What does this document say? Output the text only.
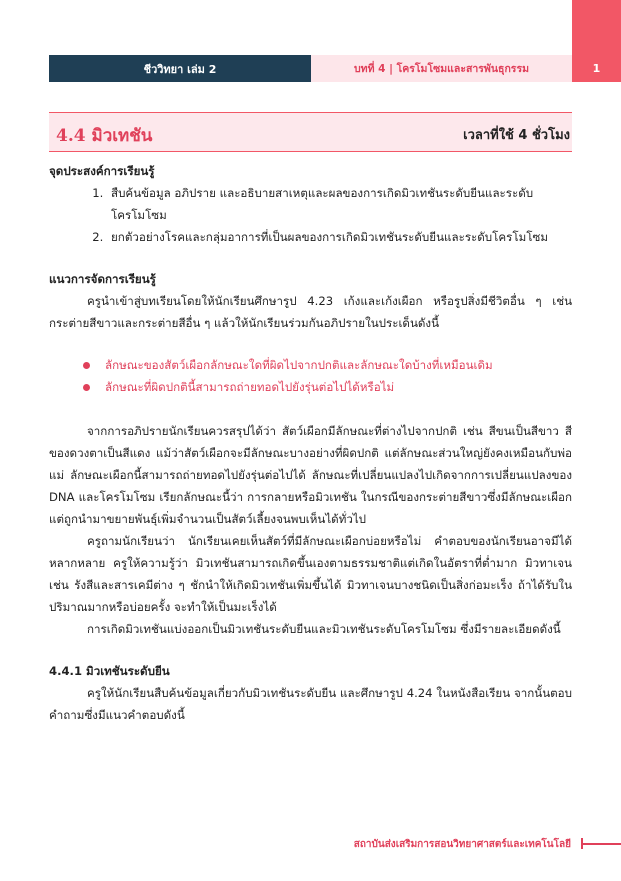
ชีววิทยา เล่ม 2	บทที่ 4 | โครโมโซมและสารพันธุกรรม	1
4.4 มิวเทชัน	เวลาที่ใช้ 4 ชั่วโมง

จุดประสงค์การเรียนรู้

1. สืบค้นข้อมูล อภิปราย และอธิบายสาเหตุและผลของการเกิดมิวเทชันระดับยีนและระดับโครโมโซม
2. ยกตัวอย่างโรคและกลุ่มอาการที่เป็นผลของการเกิดมิวเทชันระดับยีนและระดับโครโมโซม

แนวการจัดการเรียนรู้

ครูนำเข้าสู่บทเรียนโดยให้นักเรียนศึกษารูป 4.23 เก้งและเก้งเผือก หรือรูปสิ่งมีชีวิตอื่น ๆ เช่น กระต่ายสีขาวและกระต่ายสีอื่น ๆ แล้วให้นักเรียนร่วมกันอภิปรายในประเด็นดังนี้

ลักษณะของสัตว์เผือกลักษณะใดที่ผิดไปจากปกติและลักษณะใดบ้างที่เหมือนเดิม
ลักษณะที่ผิดปกตินี้สามารถถ่ายทอดไปยังรุ่นต่อไปได้หรือไม่

จากการอภิปรายนักเรียนควรสรุปได้ว่า สัตว์เผือกมีลักษณะที่ต่างไปจากปกติ เช่น สีขนเป็นสีขาว สีของดวงตาเป็นสีแดง แม้ว่าสัตว์เผือกจะมีลักษณะบางอย่างที่ผิดปกติ แต่ลักษณะส่วนใหญ่ยังคงเหมือนกับพ่อแม่ ลักษณะเผือกนี้สามารถถ่ายทอดไปยังรุ่นต่อไปได้ ลักษณะที่เปลี่ยนแปลงไปเกิดจากการเปลี่ยนแปลงของ DNA และโครโมโซม เรียกลักษณะนี้ว่า การกลายหรือมิวเทชัน ในกรณีของกระต่ายสีขาวซึ่งมีลักษณะเผือก แต่ถูกนำมาขยายพันธุ์เพิ่มจำนวนเป็นสัตว์เลี้ยงจนพบเห็นได้ทั่วไป

ครูถามนักเรียนว่า นักเรียนเคยเห็นสัตว์ที่มีลักษณะเผือกบ่อยหรือไม่ คำตอบของนักเรียนอาจมีได้หลากหลาย ครูให้ความรู้ว่า มิวเทชันสามารถเกิดขึ้นเองตามธรรมชาติแต่เกิดในอัตราที่ต่ำมาก มิวทาเจน เช่น รังสีและสารเคมีต่าง ๆ ชักนำให้เกิดมิวเทชันเพิ่มขึ้นได้ มิวทาเจนบางชนิดเป็นสิ่งก่อมะเร็ง ถ้าได้รับในปริมาณมากหรือบ่อยครั้ง จะทำให้เป็นมะเร็งได้

การเกิดมิวเทชันแบ่งออกเป็นมิวเทชันระดับยีนและมิวเทชันระดับโครโมโซม ซึ่งมีรายละเอียดดังนี้

4.4.1 มิวเทชันระดับยีน

ครูให้นักเรียนสืบค้นข้อมูลเกี่ยวกับมิวเทชันระดับยีน และศึกษารูป 4.24 ในหนังสือเรียน จากนั้นตอบคำถามซึ่งมีแนวคำตอบดังนี้

สถาบันส่งเสริมการสอนวิทยาศาสตร์และเทคโนโลยี
